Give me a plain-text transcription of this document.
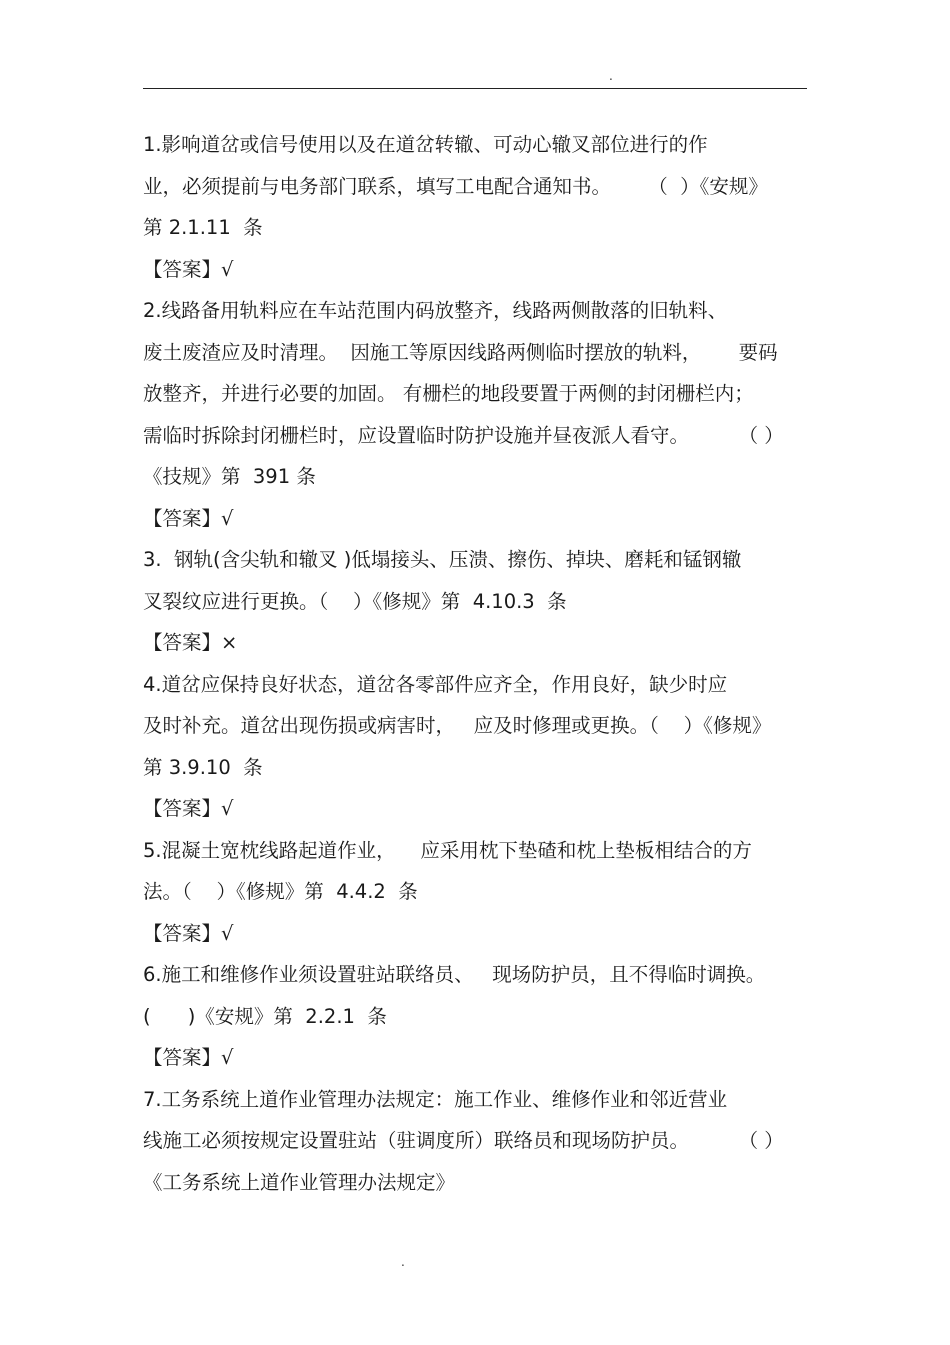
.
1.影响道岔或信号使用以及在道岔转辙、可动心辙叉部位进行的作
业，必须提前与电务部门联系，填写工电配合通知书。      （  ）《安规》
第 2.1.11  条
【答案】√
2.线路备用轨料应在车站范围内码放整齐，线路两侧散落的旧轨料、
废土废渣应及时清理。  因施工等原因线路两侧临时摆放的轨料，      要码
放整齐，并进行必要的加固。 有栅栏的地段要置于两侧的封闭栅栏内；
需临时拆除封闭栅栏时，应设置临时防护设施并昼夜派人看守。        （ ）
《技规》第  391 条
【答案】√
3.  钢轨(含尖轨和辙叉 )低塌接头、压溃、擦伤、掉块、磨耗和锰钢辙
叉裂纹应进行更换。（    ）《修规》第  4.10.3  条
【答案】×
4.道岔应保持良好状态，道岔各零部件应齐全，作用良好，缺少时应
及时补充。道岔出现伤损或病害时，   应及时修理或更换。（    ）《修规》
第 3.9.10  条
【答案】√
5.混凝土宽枕线路起道作业，    应采用枕下垫碴和枕上垫板相结合的方
法。（    ）《修规》第  4.4.2  条
【答案】√
6.施工和维修作业须设置驻站联络员、   现场防护员，且不得临时调换。
(      )《安规》第  2.2.1  条
【答案】√
7.工务系统上道作业管理办法规定：施工作业、维修作业和邻近营业
线施工必须按规定设置驻站（驻调度所）联络员和现场防护员。        （ ）
《工务系统上道作业管理办法规定》
.
